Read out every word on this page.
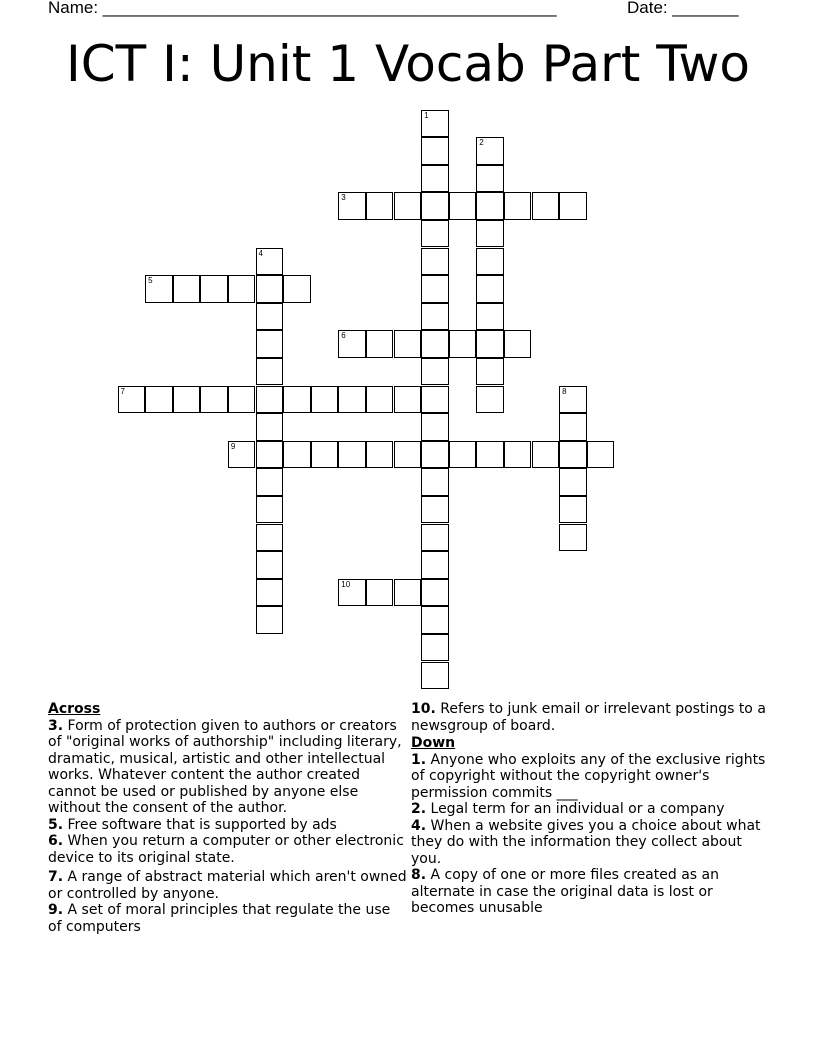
Name: ________________________________________________	Date: _______
ICT I: Unit 1 Vocab Part Two
1
2
3
4
5
6
7	8
9
10
Across

3. Form of protection given to authors or creators of "original works of authorship" including literary, dramatic, musical, artistic and other intellectual works. Whatever content the author created cannot be used or published by anyone else without the consent of the author.

5. Free software that is supported by ads

6. When you return a computer or other electronic device to its original state.

7. A range of abstract material which aren't owned or controlled by anyone.

9. A set of moral principles that regulate the use of computers

10. Refers to junk email or irrelevant postings to a newsgroup of board.

Down

1. Anyone who exploits any of the exclusive rights of copyright without the copyright owner's permission commits ___

2. Legal term for an individual or a company

4. When a website gives you a choice about what they do with the information they collect about you.

8. A copy of one or more files created as an alternate in case the original data is lost or becomes unusable
